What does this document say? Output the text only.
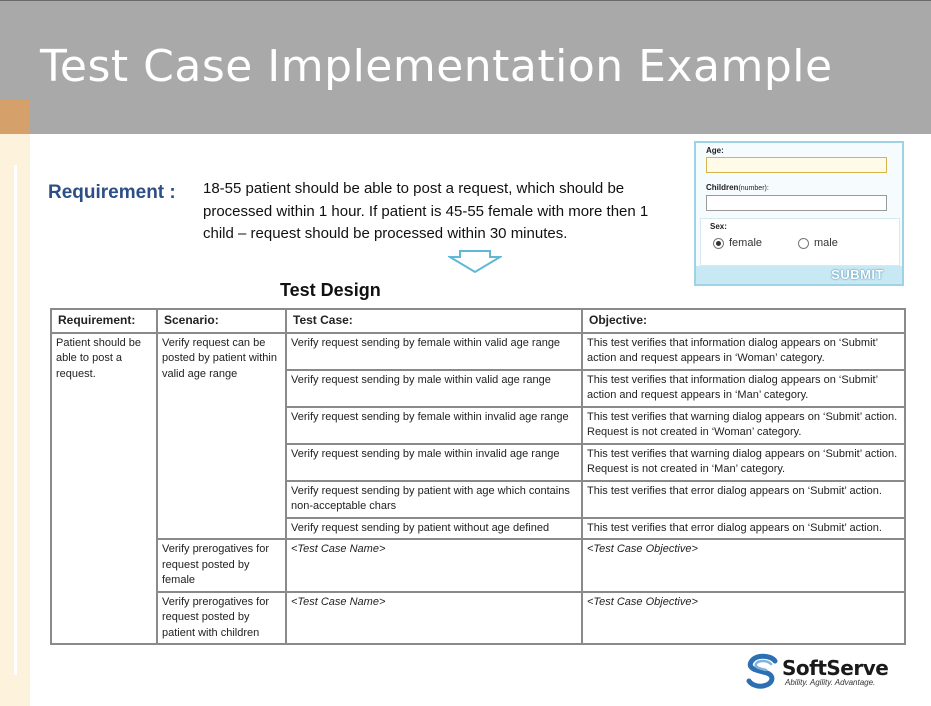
Test Case Implementation Example
Requirement : 18-55 patient should be able to post a request, which should be processed within 1 hour. If patient is 45-55 female with more then 1 child – request should be processed within 30 minutes.
Test Design
Age:
Children(number):
Sex:
female	male
SUBMIT
Requirement:	Scenario:	Test Case:	Objective:
Patient should be able to post a request.	Verify request can be posted by patient within valid age range	Verify request sending by female within valid age range	This test verifies that information dialog appears on ‘Submit’ action and request appears in ‘Woman’ category.
		Verify request sending by male within valid age range	This test verifies that information dialog appears on ‘Submit’ action and request appears in ‘Man’ category.
		Verify request sending by female within invalid age range	This test verifies that warning dialog appears on ‘Submit’ action. Request is not created in ‘Woman’ category.
		Verify request sending by male within invalid age range	This test verifies that warning dialog appears on ‘Submit’ action. Request is not created in ‘Man’ category.
		Verify request sending by patient with age which contains non-acceptable chars	This test verifies that error dialog appears on ‘Submit’ action.
		Verify request sending by patient without age defined	This test verifies that error dialog appears on ‘Submit’ action.
	Verify prerogatives for request posted by female	<Test Case Name>	<Test Case Objective>
	Verify prerogatives for request posted by patient with children	<Test Case Name>	<Test Case Objective>
SoftServe
Ability. Agility. Advantage.
